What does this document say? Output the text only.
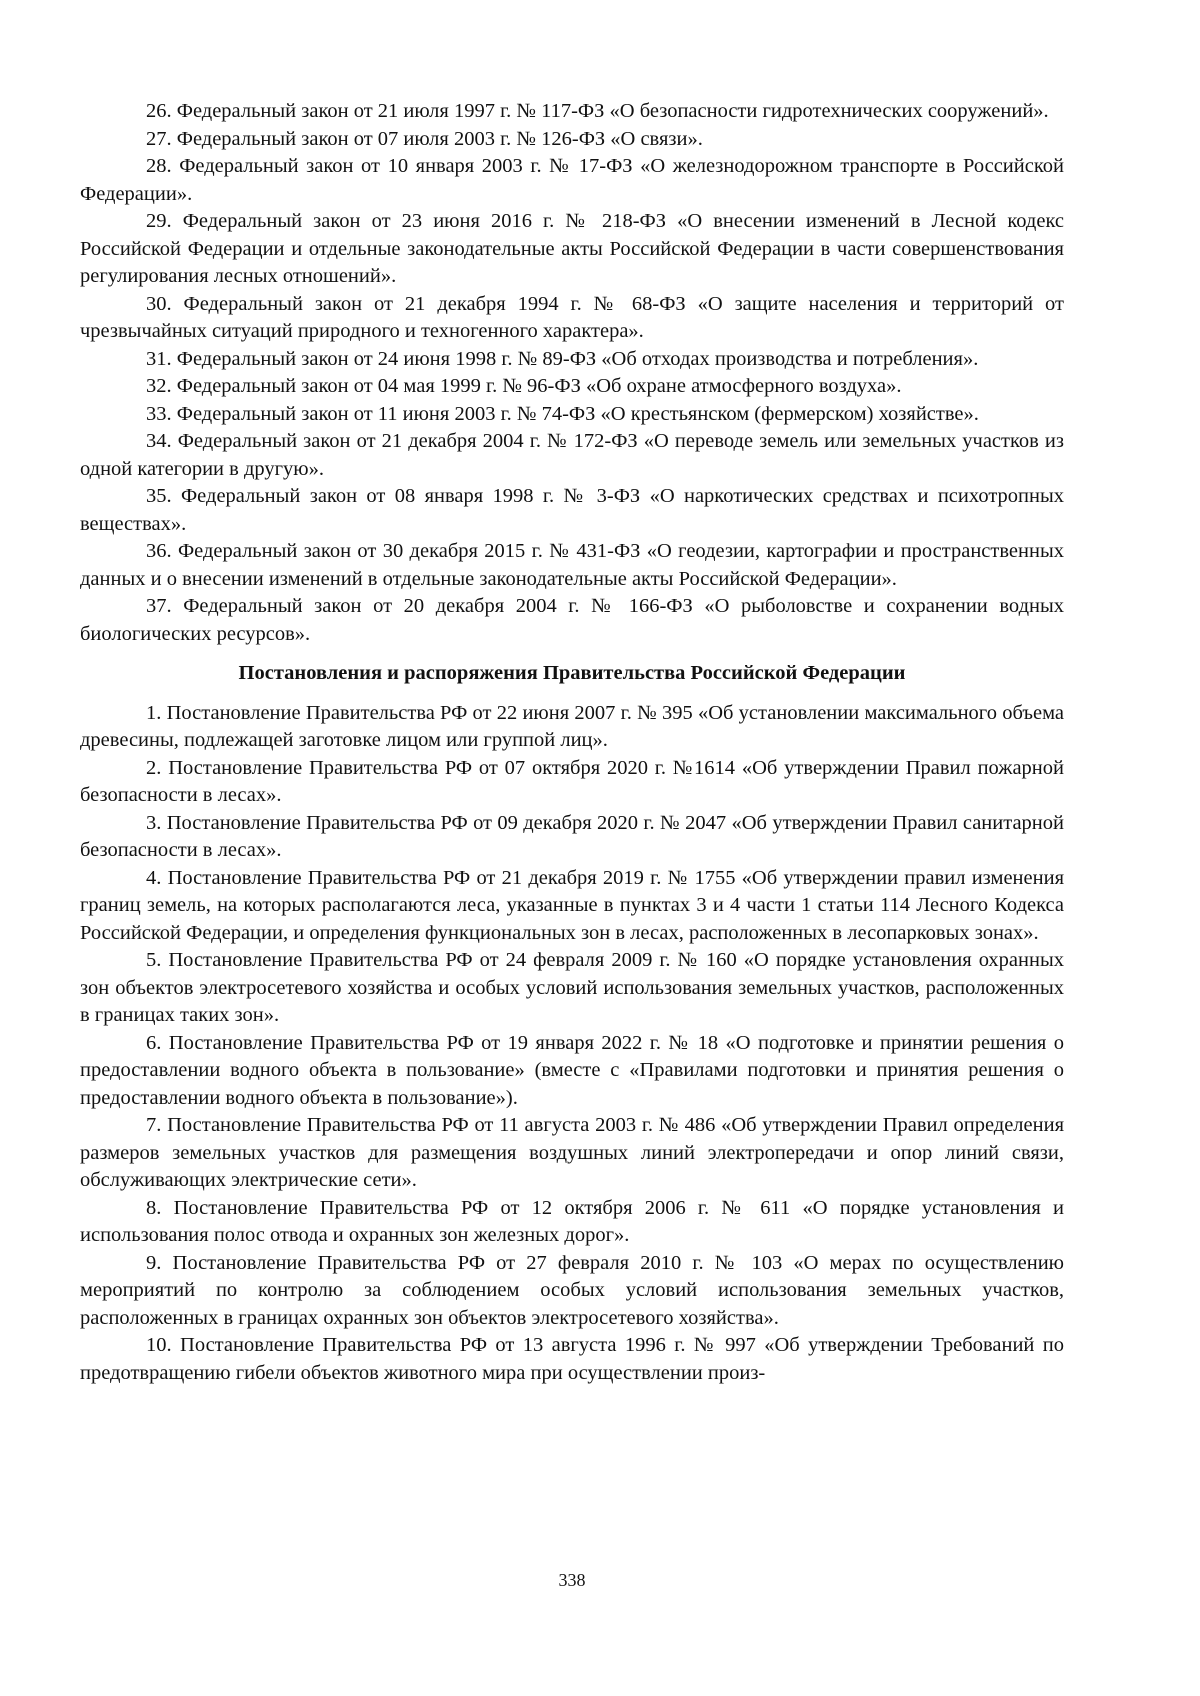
26. Федеральный закон от 21 июля 1997 г. № 117-ФЗ «О безопасности гидротехнических сооружений».

27. Федеральный закон от 07 июля 2003 г. № 126-ФЗ «О связи».

28. Федеральный закон от 10 января 2003 г. № 17-ФЗ «О железнодорожном транспорте в Российской Федерации».

29. Федеральный закон от 23 июня 2016 г. № 218-ФЗ «О внесении изменений в Лесной кодекс Российской Федерации и отдельные законодательные акты Российской Федерации в части совершенствования регулирования лесных отношений».

30. Федеральный закон от 21 декабря 1994 г. № 68-ФЗ «О защите населения и территорий от чрезвычайных ситуаций природного и техногенного характера».

31. Федеральный закон от 24 июня 1998 г. № 89-ФЗ «Об отходах производства и потребления».

32. Федеральный закон от 04 мая 1999 г. № 96-ФЗ «Об охране атмосферного воздуха».

33. Федеральный закон от 11 июня 2003 г. № 74-ФЗ «О крестьянском (фермерском) хозяйстве».

34. Федеральный закон от 21 декабря 2004 г. № 172-ФЗ «О переводе земель или земельных участков из одной категории в другую».

35. Федеральный закон от 08 января 1998 г. № 3-ФЗ «О наркотических средствах и психотропных веществах».

36. Федеральный закон от 30 декабря 2015 г. № 431-ФЗ «О геодезии, картографии и пространственных данных и о внесении изменений в отдельные законодательные акты Российской Федерации».

37. Федеральный закон от 20 декабря 2004 г. № 166-ФЗ «О рыболовстве и сохранении водных биологических ресурсов».

Постановления и распоряжения Правительства Российской Федерации

1. Постановление Правительства РФ от 22 июня 2007 г. № 395 «Об установлении максимального объема древесины, подлежащей заготовке лицом или группой лиц».

2. Постановление Правительства РФ от 07 октября 2020 г. №1614 «Об утверждении Правил пожарной безопасности в лесах».

3. Постановление Правительства РФ от 09 декабря 2020 г. № 2047 «Об утверждении Правил санитарной безопасности в лесах».

4. Постановление Правительства РФ от 21 декабря 2019 г. № 1755 «Об утверждении правил изменения границ земель, на которых располагаются леса, указанные в пунктах 3 и 4 части 1 статьи 114 Лесного Кодекса Российской Федерации, и определения функциональных зон в лесах, расположенных в лесопарковых зонах».

5. Постановление Правительства РФ от 24 февраля 2009 г. № 160 «О порядке установления охранных зон объектов электросетевого хозяйства и особых условий использования земельных участков, расположенных в границах таких зон».

6. Постановление Правительства РФ от 19 января 2022 г. № 18 «О подготовке и принятии решения о предоставлении водного объекта в пользование» (вместе с «Правилами подготовки и принятия решения о предоставлении водного объекта в пользование»).

7. Постановление Правительства РФ от 11 августа 2003 г. № 486 «Об утверждении Правил определения размеров земельных участков для размещения воздушных линий электропередачи и опор линий связи, обслуживающих электрические сети».

8. Постановление Правительства РФ от 12 октября 2006 г. № 611 «О порядке установления и использования полос отвода и охранных зон железных дорог».

9. Постановление Правительства РФ от 27 февраля 2010 г. № 103 «О мерах по осуществлению мероприятий по контролю за соблюдением особых условий использования земельных участков, расположенных в границах охранных зон объектов электросетевого хозяйства».

10. Постановление Правительства РФ от 13 августа 1996 г. № 997 «Об утверждении Требований по предотвращению гибели объектов животного мира при осуществлении произ-

338
